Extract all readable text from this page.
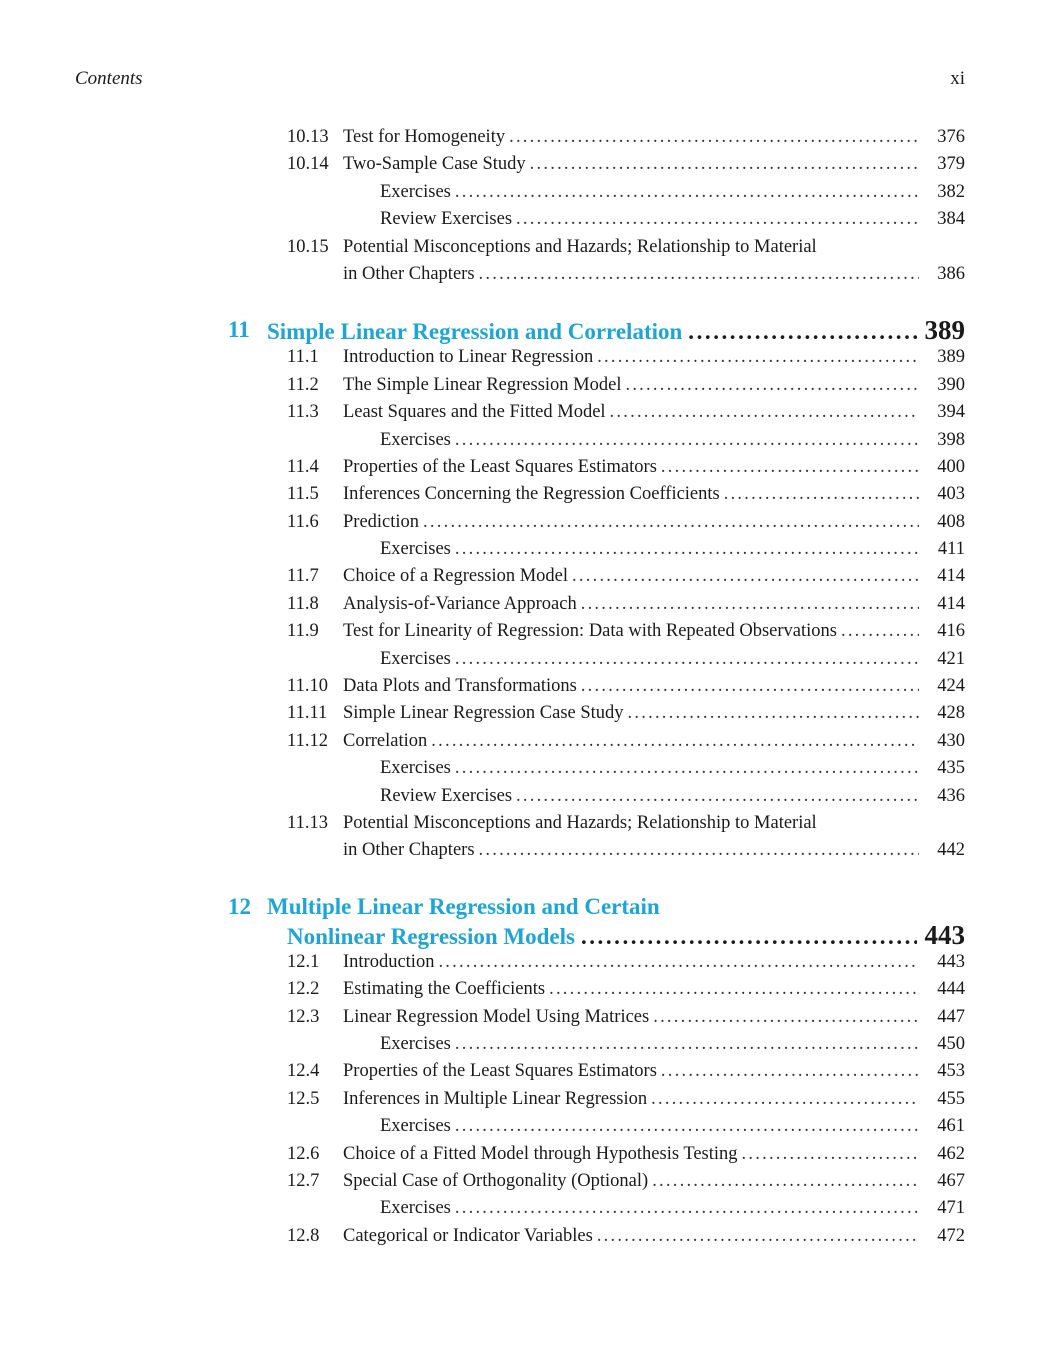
Contents	xi
10.13 Test for Homogeneity . . .	376
10.14 Two-Sample Case Study . . .	379
Exercises . . .	382
Review Exercises . . .	384
10.15 Potential Misconceptions and Hazards; Relationship to Material
in Other Chapters . . .	386
11 Simple Linear Regression and Correlation . . .	389
11.1 Introduction to Linear Regression . . .	389
11.2 The Simple Linear Regression Model . . .	390
11.3 Least Squares and the Fitted Model . . .	394
Exercises . . .	398
11.4 Properties of the Least Squares Estimators . . .	400
11.5 Inferences Concerning the Regression Coefficients . . .	403
11.6 Prediction . . .	408
Exercises . . .	411
11.7 Choice of a Regression Model . . .	414
11.8 Analysis-of-Variance Approach . . .	414
11.9 Test for Linearity of Regression: Data with Repeated Observations . . .	416
Exercises . . .	421
11.10 Data Plots and Transformations . . .	424
11.11 Simple Linear Regression Case Study . . .	428
11.12 Correlation . . .	430
Exercises . . .	435
Review Exercises . . .	436
11.13 Potential Misconceptions and Hazards; Relationship to Material
in Other Chapters . . .	442
12 Multiple Linear Regression and Certain
Nonlinear Regression Models . . .	443
12.1 Introduction . . .	443
12.2 Estimating the Coefficients . . .	444
12.3 Linear Regression Model Using Matrices . . .	447
Exercises . . .	450
12.4 Properties of the Least Squares Estimators . . .	453
12.5 Inferences in Multiple Linear Regression . . .	455
Exercises . . .	461
12.6 Choice of a Fitted Model through Hypothesis Testing . . .	462
12.7 Special Case of Orthogonality (Optional) . . .	467
Exercises . . .	471
12.8 Categorical or Indicator Variables . . .	472
